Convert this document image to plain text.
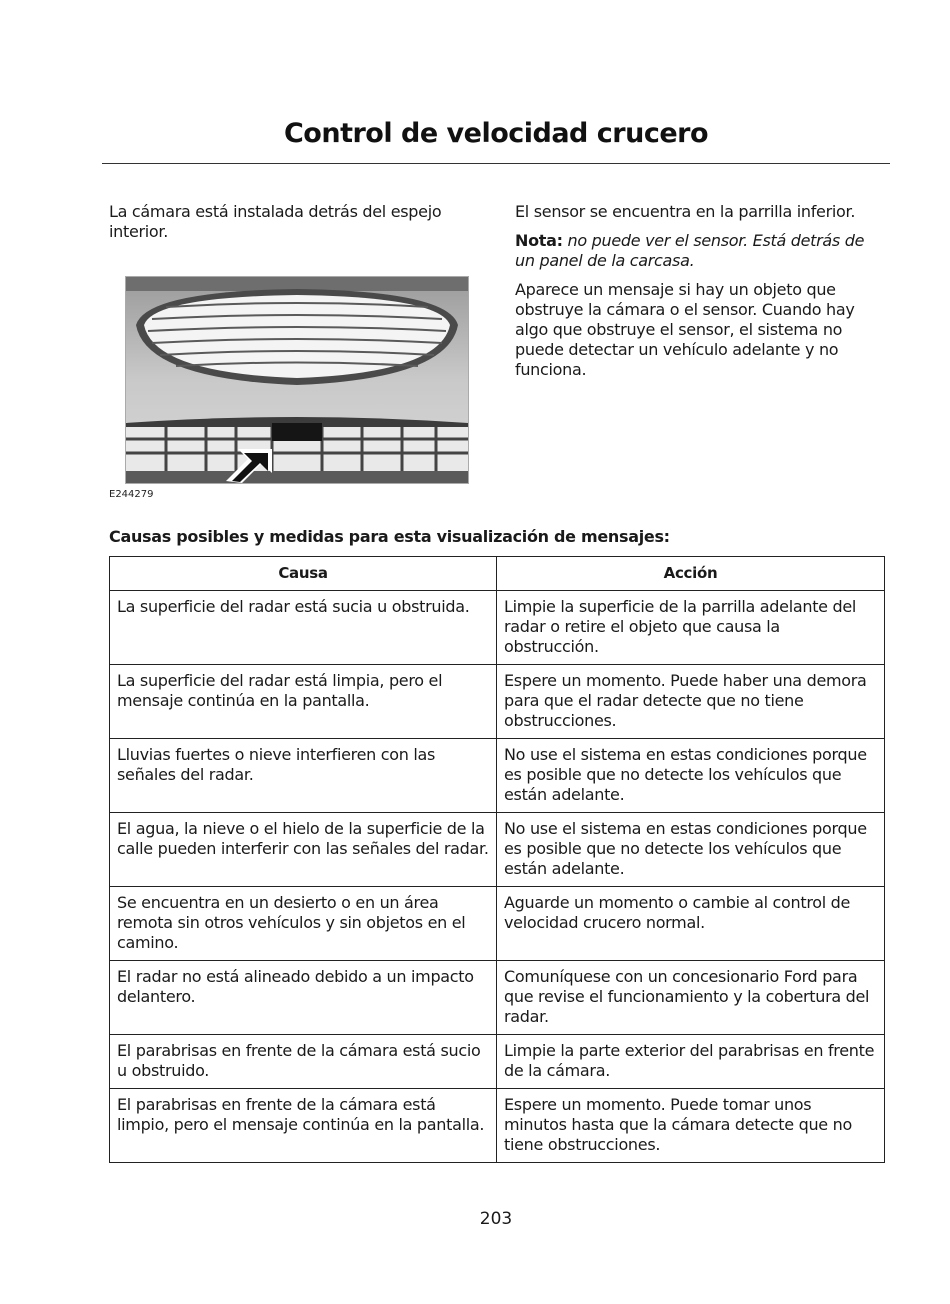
Control de velocidad crucero

La cámara está instalada detrás del espejo interior.

E244279

El sensor se encuentra en la parrilla inferior.

Nota: no puede ver el sensor. Está detrás de un panel de la carcasa.

Aparece un mensaje si hay un objeto que obstruye la cámara o el sensor. Cuando hay algo que obstruye el sensor, el sistema no puede detectar un vehículo adelante y no funciona.

Causas posibles y medidas para esta visualización de mensajes:
Causa	Acción
La superficie del radar está sucia u obstruida.	Limpie la superficie de la parrilla adelante del radar o retire el objeto que causa la obstrucción.
La superficie del radar está limpia, pero el mensaje continúa en la pantalla.	Espere un momento. Puede haber una demora para que el radar detecte que no tiene obstrucciones.
Lluvias fuertes o nieve interfieren con las señales del radar.	No use el sistema en estas condiciones porque es posible que no detecte los vehículos que están adelante.
El agua, la nieve o el hielo de la superficie de la calle pueden interferir con las señales del radar.	No use el sistema en estas condiciones porque es posible que no detecte los vehículos que están adelante.
Se encuentra en un desierto o en un área remota sin otros vehículos y sin objetos en el camino.	Aguarde un momento o cambie al control de velocidad crucero normal.
El radar no está alineado debido a un impacto delantero.	Comuníquese con un concesionario Ford para que revise el funcionamiento y la cobertura del radar.
El parabrisas en frente de la cámara está sucio u obstruido.	Limpie la parte exterior del parabrisas en frente de la cámara.
El parabrisas en frente de la cámara está limpio, pero el mensaje continúa en la pantalla.	Espere un momento. Puede tomar unos minutos hasta que la cámara detecte que no tiene obstrucciones.
203
